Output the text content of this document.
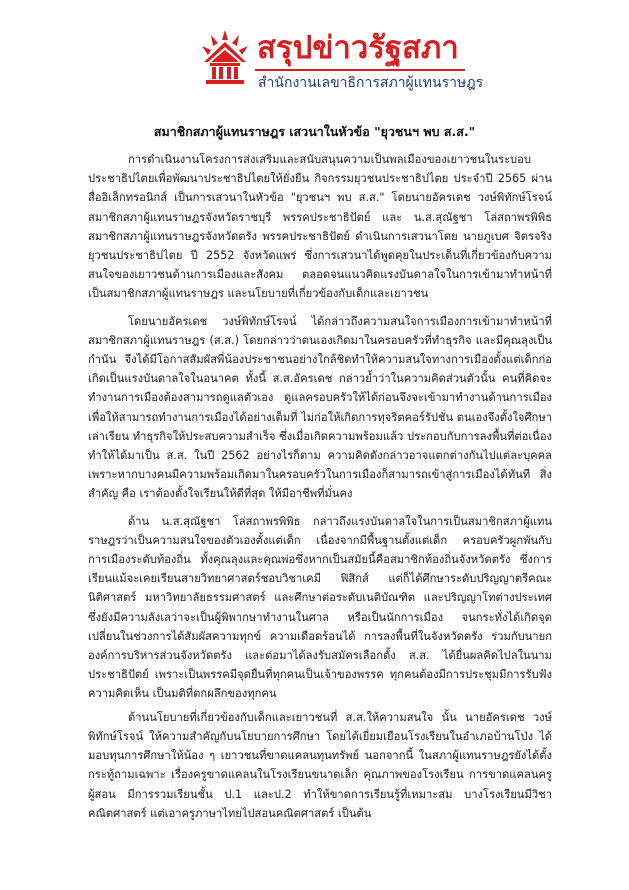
สรุปข่าวรัฐสภา
สำนักงานเลขาธิการสภาผู้แทนราษฎร
สมาชิกสภาผู้แทนราษฎร เสวนาในหัวข้อ "ยุวชนฯ พบ ส.ส."

การดำเนินงานโครงการส่งเสริมและสนับสนุนความเป็นพลเมืองของเยาวชนในระบอบประชาธิปไตยเพื่อพัฒนาประชาธิปไตยให้ยั่งยืน กิจกรรมยุวชนประชาธิปไตย ประจำปี 2565 ผ่านสื่ออิเล็กทรอนิกส์ เป็นการเสวนาในหัวข้อ "ยุวชนฯ พบ ส.ส." โดยนายอัครเดช วงษ์พิทักษ์โรจน์ สมาชิกสภาผู้แทนราษฎรจังหวัดราชบุรี พรรคประชาธิปัตย์ และ น.ส.สุณัฐชา โล่สถาพรพิพิธ สมาชิกสภาผู้แทนราษฎรจังหวัดตรัง พรรคประชาธิปัตย์ ดำเนินการเสวนาโดย นายภูเบศ จิตรจริง ยุวชนประชาธิปไตย ปี 2552 จังหวัดแพร่ ซึ่งการเสวนาได้พูดคุยในประเด็นที่เกี่ยวข้องกับความสนใจของเยาวชนด้านการเมืองและสังคม ตลอดจนแนวคิดแรงบันดาลใจในการเข้ามาทำหน้าที่เป็นสมาชิกสภาผู้แทนราษฎร และนโยบายที่เกี่ยวข้องกับเด็กและเยาวชน

โดยนายอัครเดช วงษ์พิทักษ์โรจน์ ได้กล่าวถึงความสนใจการเมืองการเข้ามาทำหน้าที่สมาชิกสภาผู้แทนราษฎร (ส.ส.) โดยกล่าวว่าตนเองเกิดมาในครอบครัวที่ทำธุรกิจ และมีคุณลุงเป็นกำนัน จึงได้มีโอกาสสัมผัสพี่น้องประชาชนอย่างใกล้ชิดทำให้ความสนใจทางการเมืองตั้งแต่เด็กก่อเกิดเป็นแรงบันดาลใจในอนาคต ทั้งนี้ ส.ส.อัครเดช กล่าวย้ำว่าในความคิดส่วนตัวนั้น คนที่คิดจะทำงานการเมืองต้องสามารถดูแลตัวเอง ดูแลครอบครัวให้ได้ก่อนจึงจะเข้ามาทำงานด้านการเมือง เพื่อให้สามารถทำงานการเมืองได้อย่างเต็มที่ ไม่ก่อให้เกิดการทุจริตคอร์รัปชั่น ตนเองจึงตั้งใจศึกษาเล่าเรียน ทำธุรกิจให้ประสบความสำเร็จ ซึ่งเมื่อเกิดความพร้อมแล้ว ประกอบกับการลงพื้นที่ต่อเนื่องทำให้ได้มาเป็น ส.ส. ในปี 2562 อย่างไรก็ตาม ความคิดดังกล่าวอาจแตกต่างกันไปแต่ละบุคคล เพราะหากบางคนมีความพร้อมเกิดมาในครอบครัวในการเมืองก็สามารถเข้าสู่การเมืองได้ทันที สิ่งสำคัญ คือ เราต้องตั้งใจเรียนให้ดีที่สุด ให้มีอาชีพที่มั่นคง

ด้าน น.ส.สุณัฐชา โล่สถาพรพิพิธ กล่าวถึงแรงบันดาลใจในการเป็นสมาชิกสภาผู้แทนราษฎรว่าเป็นความสนใจของตัวเองตั้งแต่เด็ก เนื่องจากมีพื้นฐานตั้งแต่เด็ก ครอบครัวผูกพันกับการเมืองระดับท้องถิ่น ทั้งคุณลุงและคุณพ่อซึ่งหากเป็นสมัยนี้คือสมาชิกท้องถิ่นจังหวัดตรัง ซึ่งการเรียนแม้จะเคยเรียนสายวิทยาศาสตร์ชอบวิชาเคมี ฟิสิกส์ แต่ก็ได้ศึกษาระดับปริญญาตรีคณะนิติศาสตร์ มหาวิทยาลัยธรรมศาสตร์ และศึกษาต่อระดับเนติบัณฑิต และปริญญาโทต่างประเทศ ซึ่งยังมีความลังเลว่าจะเป็นผู้พิพากษาทำงานในศาล หรือเป็นนักการเมือง จนกระทั่งได้เกิดจุดเปลี่ยนในช่วงการได้สัมผัสความทุกข์ ความเดือดร้อนได้ การลงพื้นที่ในจังหวัดตรัง ร่วมกับนายกองค์การบริหารส่วนจังหวัดตรัง และต่อมาได้ลงรับสมัครเลือกตั้ง ส.ส. ได้ยื่นผลคิดไปลในนามประชาธิปัตย์ เพราะเป็นพรรคมีจุดยืนที่ทุกคนเป็นเจ้าของพรรค ทุกคนต้องมีการประชุมมีการรับฟังความคิดเห็น เป็นมติที่ตกผลึกของทุกคน

ด้านนโยบายที่เกี่ยวข้องกับเด็กและเยาวชนที่ ส.ส.ให้ความสนใจ นั้น นายอัครเดช วงษ์พิทักษ์โรจน์ ให้ความสำคัญกับนโยบายการศึกษา โดยได้เยี่ยมเยือนโรงเรียนในอำเภอบ้านโป่ง ได้มอบทุนการศึกษาให้น้อง ๆ เยาวชนที่ขาดแคลนทุนทรัพย์ นอกจากนี้ ในสภาผู้แทนราษฎรยังได้ตั้งกระทู้ถามเฉพาะ เรื่องครูขาดแคลนในโรงเรียนขนาดเล็ก คุณภาพของโรงเรียน การขาดแคลนครูผู้สอน มีการรวมเรียนชั้น ป.1 และป.2 ทำให้ขาดการเรียนรู้ที่เหมาะสม บางโรงเรียนมีวิชาคณิตศาสตร์ แต่เอาครูภาษาไทยไปสอนคณิตศาสตร์ เป็นต้น
